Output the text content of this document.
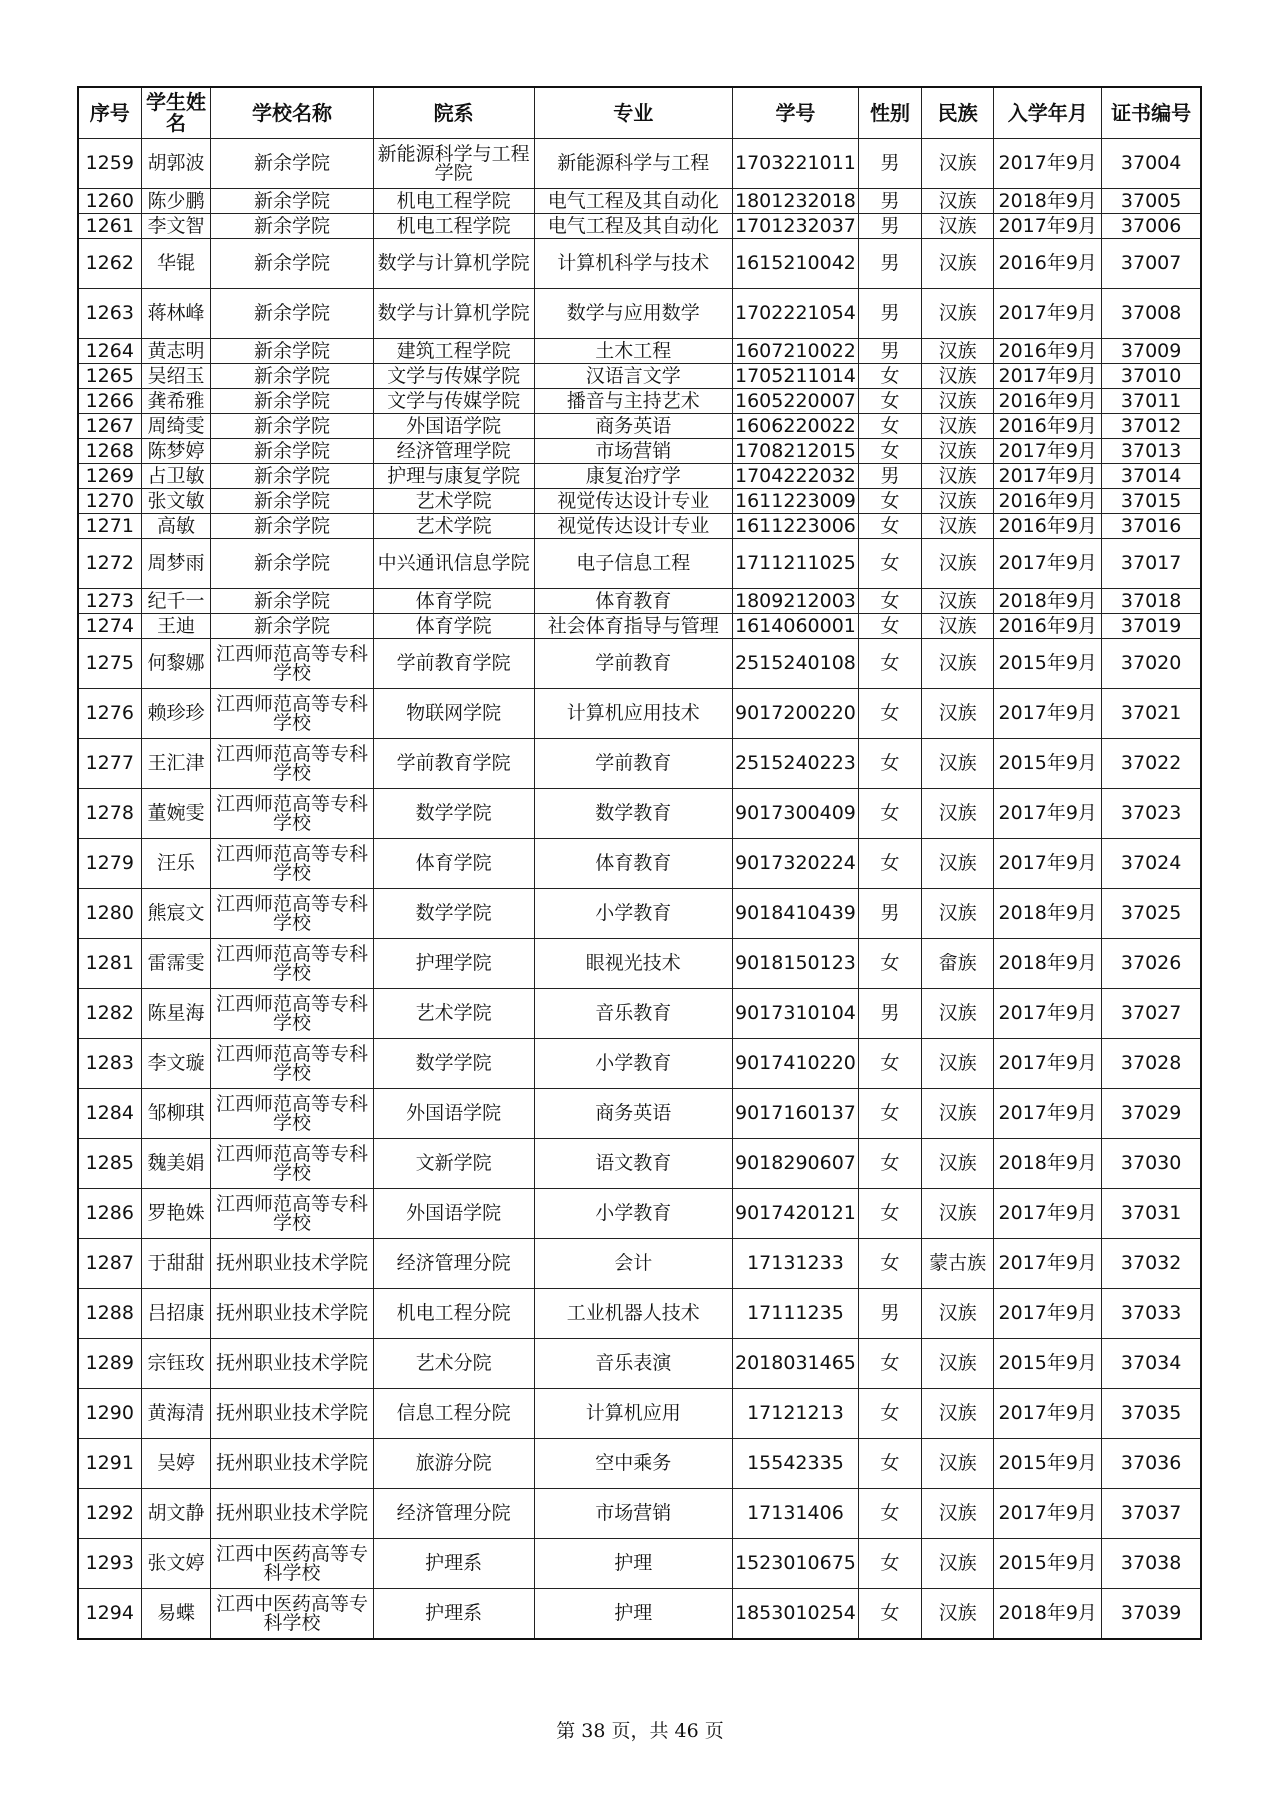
序号	学生姓名	学校名称	院系	专业	学号	性别	民族	入学年月	证书编号
1259	胡郭波	新余学院	新能源科学与工程学院	新能源科学与工程	1703221011	男	汉族	2017年9月	37004
1260	陈少鹏	新余学院	机电工程学院	电气工程及其自动化	1801232018	男	汉族	2018年9月	37005
1261	李文智	新余学院	机电工程学院	电气工程及其自动化	1701232037	男	汉族	2017年9月	37006
1262	华锟	新余学院	数学与计算机学院	计算机科学与技术	1615210042	男	汉族	2016年9月	37007
1263	蒋林峰	新余学院	数学与计算机学院	数学与应用数学	1702221054	男	汉族	2017年9月	37008
1264	黄志明	新余学院	建筑工程学院	土木工程	1607210022	男	汉族	2016年9月	37009
1265	吴绍玉	新余学院	文学与传媒学院	汉语言文学	1705211014	女	汉族	2017年9月	37010
1266	龚希雅	新余学院	文学与传媒学院	播音与主持艺术	1605220007	女	汉族	2016年9月	37011
1267	周绮雯	新余学院	外国语学院	商务英语	1606220022	女	汉族	2016年9月	37012
1268	陈梦婷	新余学院	经济管理学院	市场营销	1708212015	女	汉族	2017年9月	37013
1269	占卫敏	新余学院	护理与康复学院	康复治疗学	1704222032	男	汉族	2017年9月	37014
1270	张文敏	新余学院	艺术学院	视觉传达设计专业	1611223009	女	汉族	2016年9月	37015
1271	高敏	新余学院	艺术学院	视觉传达设计专业	1611223006	女	汉族	2016年9月	37016
1272	周梦雨	新余学院	中兴通讯信息学院	电子信息工程	1711211025	女	汉族	2017年9月	37017
1273	纪千一	新余学院	体育学院	体育教育	1809212003	女	汉族	2018年9月	37018
1274	王迪	新余学院	体育学院	社会体育指导与管理	1614060001	女	汉族	2016年9月	37019
1275	何黎娜	江西师范高等专科学校	学前教育学院	学前教育	2515240108	女	汉族	2015年9月	37020
1276	赖珍珍	江西师范高等专科学校	物联网学院	计算机应用技术	9017200220	女	汉族	2017年9月	37021
1277	王汇津	江西师范高等专科学校	学前教育学院	学前教育	2515240223	女	汉族	2015年9月	37022
1278	董婉雯	江西师范高等专科学校	数学学院	数学教育	9017300409	女	汉族	2017年9月	37023
1279	汪乐	江西师范高等专科学校	体育学院	体育教育	9017320224	女	汉族	2017年9月	37024
1280	熊宸文	江西师范高等专科学校	数学学院	小学教育	9018410439	男	汉族	2018年9月	37025
1281	雷霈雯	江西师范高等专科学校	护理学院	眼视光技术	9018150123	女	畲族	2018年9月	37026
1282	陈星海	江西师范高等专科学校	艺术学院	音乐教育	9017310104	男	汉族	2017年9月	37027
1283	李文璇	江西师范高等专科学校	数学学院	小学教育	9017410220	女	汉族	2017年9月	37028
1284	邹柳琪	江西师范高等专科学校	外国语学院	商务英语	9017160137	女	汉族	2017年9月	37029
1285	魏美娟	江西师范高等专科学校	文新学院	语文教育	9018290607	女	汉族	2018年9月	37030
1286	罗艳姝	江西师范高等专科学校	外国语学院	小学教育	9017420121	女	汉族	2017年9月	37031
1287	于甜甜	抚州职业技术学院	经济管理分院	会计	17131233	女	蒙古族	2017年9月	37032
1288	吕招康	抚州职业技术学院	机电工程分院	工业机器人技术	17111235	男	汉族	2017年9月	37033
1289	宗钰玫	抚州职业技术学院	艺术分院	音乐表演	2018031465	女	汉族	2015年9月	37034
1290	黄海清	抚州职业技术学院	信息工程分院	计算机应用	17121213	女	汉族	2017年9月	37035
1291	吴婷	抚州职业技术学院	旅游分院	空中乘务	15542335	女	汉族	2015年9月	37036
1292	胡文静	抚州职业技术学院	经济管理分院	市场营销	17131406	女	汉族	2017年9月	37037
1293	张文婷	江西中医药高等专科学校	护理系	护理	1523010675	女	汉族	2015年9月	37038
1294	易蝶	江西中医药高等专科学校	护理系	护理	1853010254	女	汉族	2018年9月	37039
第 38 页，共 46 页
